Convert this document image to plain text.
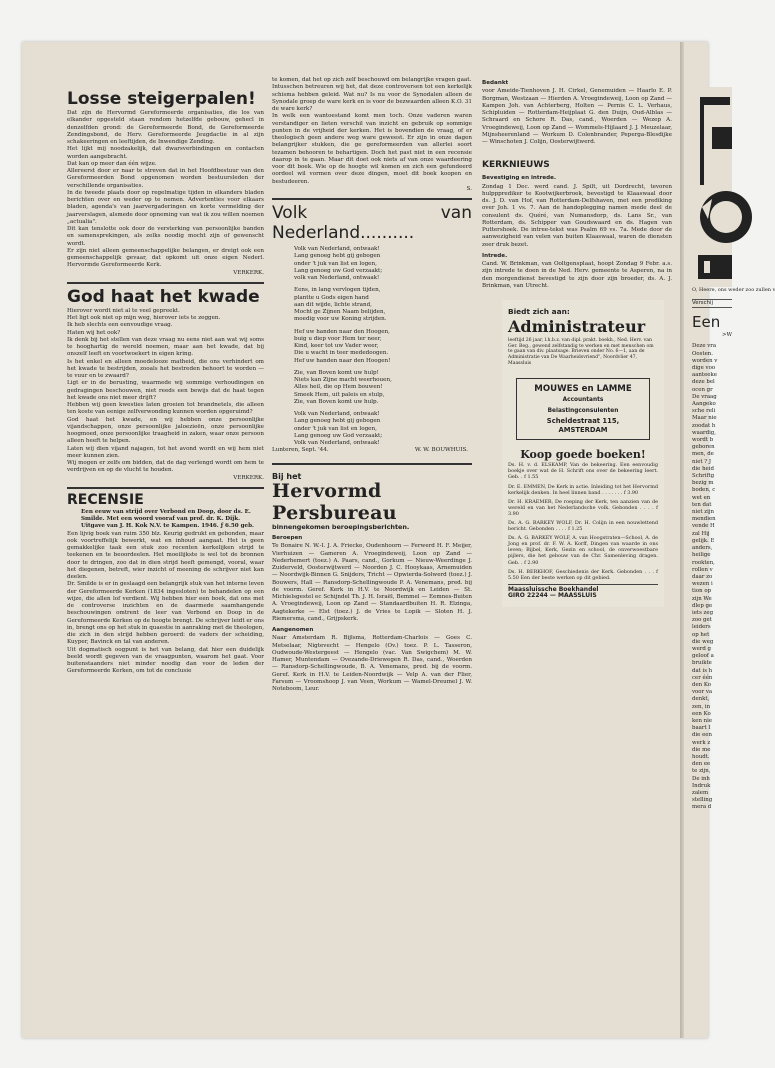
Losse steigerpalen!

Dat zijn de Hervormd Gereformeerde organisaties, die los van elkander opgesteld staan rondom hetzelfde gebouw, gehecl in denzelfden grond: de Gereformeerde Bond, de Gereformeerde Zendingsbond, de Herv. Gereformeerde Jeugdactie in al zijn schakeeringen en leeftijden, de Inwendige Zending.

Het lijkt mij noodzakelijk, dat dwarsverbindingen en contacten worden aangebracht.

Dat kan op meer dan één wijze.

Allereerst door er naar te streven dat in het Hoofdbestuur van den Gereformeerden Bond opgenomen worden bestuursleden der verschillende organisaties.

In de tweede plaats door op regelmatige tijden in elkanders bladen berichten over en weder op te nemen. Advertenties voor elkaars bladen, agenda's van jaarvergaderingen en korte vermelding der jaarverslagen, alsmede door opneming van wat ik zou willen noemen „actualia".

Dit kan tenslotte ook door de versterking van persoonlijke banden en samensprekingen, als zelks noodig mocht zijn of gewenscht wordt.

Er zijn niet alleen gemeenschappelijke belangen, er dreigt ook een gemeenschappelijk gevaar, dat opkomt uit onze eigen Nederl. Hervormde Gereformeerde Kerk.

VERKERK.

God haat het kwade

Hierover wordt niet al te veel gepreekt.

Het ligt ook niet op mijn weg, hierover iets te zeggen.

Ik heb slechts een eenvoudige vraag.

Haten wij het ook?

Ik denk bij het stellen van deze vraag nu eens niet aan wat wij soms te hooghartig de wereld noemen, maar aan het kwade, dat bij onszelf leeft en voortwoekert in eigen kring.

Is het enkel en alleen moedelooze matheid, die ons verhindert om het kwade te bestrijden, zooals het bestreden behoort te worden — te vuur en te zwaard?

Ligt er in de berusting, waarmede wij sommige verhoudingen en gedragingen beschouwen, niet reeds een bewijs dat de haat tegen het kwade ons niet meer drijft?

Hebben wij geen kwesties laten groeien tot brandnetels, die alleen ten koste van eenige zelfverwonding kunnen worden opgeruimd?

God haat het kwade, en wij hebben onze persoonlijke vijandschappen, onze persoonlijke jaloezieën, onze persoonlijke hoogmoed, onze persoonlijke traagheid in zaken, waar onze persoon alleen heeft te helpen.

Laten wij dien vijand najagen, tot het avond wordt en wij hem niet meer kunnen zien.

Wij mogen er zelfs om bidden, dat de dag verlengd wordt om hem te verdrijven en op de vlucht te houden.

VERKERK.

RECENSIE

Een eeuw van strijd over Verbond en Doop, door ds. E. Smilde. Met een woord vooraf van prof. dr. K. Dijk. Uitgave van J. H. Kok N.V. te Kampen. 1946. ƒ 6.50 geb.

Een lijvig boek van ruim 350 blz. Keurig gedrukt en gebonden, maar ook voortreffelijk bewerkt, wat en inhoud aangaat. Het is geen gemakkelijke taak een stuk zoo recenten kerkelijken strijd te teekenen en te beoordeelen. Het moeilijkste is wel tot de bronnen door te dringen, zoo dat in dien strijd heeft gemengd, vooral, waar het diegenen, betreft, wier inzicht of meening de schrijver niet kan deelen.

Dr. Smilde is er in geslaagd een belangrijk stuk van het interne leven der Gereformeerde Kerken (1834 ingesloten) te behandelen op een wijze, die allen lof verdient. Wij hebben hier een boek, dat ons met de controverse inzichten en de daarmede saamhangende beschouwingen omtrent de leer van Verbond en Doop in de Gereformeerde Kerken op de hoogte brengt. De schrijver leidt er ons in, brengt ons op het stuk in quaestie in aanraking met de theologen, die zich in den strijd hebben geroerd: de vaders der scheiding, Kuyper, Bavinck en tal van anderen.

Uit dogmatisch oogpunt is het van belang, dat hier een duidelijk beeld wordt gegeven van de vraagpunten, waarom het gaat. Voor buitenstaanders niet minder noodig dan voor de leden der Gereformeerde Kerken, om tot de conclusie

te komen, dat het op zich zelf beschouwd om belangrijke vragen gaat.

Intusschen betreuren wij het, dat deze controversen tot een kerkelijk schisma hebben geleid. Wat nu? Is nu voor de Synodalen alleen de Synodale groep de ware kerk en is voor de bezwaarden alleen K.O. 31 de ware kerk?

In welk een wantoestand komt men toch. Onze vaderen waren verstandiger en lieten verschil van inzicht en gebruik op sommige punten in de vrijheid der kerken. Het is bovendien de vraag, of er theologisch geen andere weg ware geweest. Er zijn in onze dagen belangrijker stukken, die ge gereformeerden van allerlei soort tezamen behooren te behartigen. Doch het past niet in een recensie daarop in te gaan. Maar dit doet ook niets af van onze waardeering voor dit boek. Wie op de hoogte wil komen en zich een gefundeerd oordeel wil vormen over deze dingen, moet dit boek koopen en bestudeeren.

S.

Volk van Nederland..........
Volk van Nederland, ontwaak!
Lang genoeg hebt gij gebogen
onder 't juk van list en logen,
Lang genoeg uw God verzaakt;
volk van Nederland, ontwaak!
Eens, in lang vervlogen tijden,
plantte u Gods eigen hand
aan dit wijde, lichte strand,
Mocht ge Zijnen Naam belijden,
moedig voor uw Koning strijden.
Hef uw handen naar den Hoogen,
buig u diep voor Hem ter neer,
Kind, keer tot uw Vader weer,
Die u wacht in teer mededoogen.
Hef uw handen naar den Hoogen!
Zie, van Boven komt uw hulp!
Niets kan Zijne macht weerhouen,
Alles heil, die op Hem bouwen!
Smeek Hem, uit paleis en stulp,
Zie, van Boven komt uw hulp.
Volk van Nederland, ontwaak!
Lang genoeg hebt gij gebogen
onder 't juk van list en logen,
Lang genoeg uw God verzaakt;
Volk van Nederland, ontwaak!
Lunteren, Sept. '44.	W. W. BOUWHUIS.
Bij het
Hervormd Persbureau
binnengekomen beroepingsberichten.

Beroepen

Te Bonaire N. W.-I. J. A. Friecke, Oudenhoorn — Ferwerd H. F. Meijer, Vierhuizen — Gameren A. Vroegindeweij, Loon op Zand — Nederhemert (toez.) A. Paars, cand., Gorkum — Nieuw-Weerdinge J. Zuiderveld, Oosterwijtwerd — Noorden J. C. Hooykaas, Arnemuiden — Noordwijk-Binnen G. Snijders, Tricht — Opwierda-Solwerd (toez.) J. Bouwers, Hall — Ransdorp-Schellingwoude P. A. Venemans, pred. bij de voorm. Geref. Kerk in H.V. te Noordwijk en Leiden — St. Michielsgestel ec Schijndel Th. J. H. Israël, Bemmel — Eemnes-Buiten A. Vroegindeweij, Loon op Zand — Standaardbuiten H. R. Elzinga, Aagtekerke — Elst (toez.) J. de Vries te Lopik — Sloten H. J. Riemersma, cand., Grijpskerk.

Aangenomen

Naar Amsterdam R. Bijlsma, Rotterdam-Charlois — Goes C. Metselaar, Nigtevecht — Hengelo (Ov.) toez. P. L. Tasseron, Oudwoude-Westergeest — Hengelo (vac. Van Swigchem) M. W. Hamer, Muntendam — Ovezande-Driewegen R. Das, cand., Woerden — Ransdorp-Schellingwoude, B. A. Venemans, pred. bij de voorm. Geref. Kerk in H.V. te Leiden-Noordwijk — Velp A. van der Flier, Farsum — Vroomshoop J. van Veen, Workum — Wamel-Dreumel J. W. Noteboom, Leur.

Bedankt

voor Ameide-Tienhoven J. H. Cirkel, Genemuiden — Haarlo E. P. Borgman, Westzaan — Hierden A. Vroegindeweij, Loon op Zand — Kampen Joh. van Achterberg, Holten — Pernis C. L. Verhaus, Schipluiden — Rotterdam-Heijplaat G. den Duijn, Oud-Alblas — Schraard en Schore R. Das, cand., Woerden — Wezep A. Vroegindeweij, Loon op Zand — Wommels-Hijlaard J. J. Meuzelaar, Mijnsheerenland — Workum D. Colenbrander, Peperga-Blesdijke — Winschoten J. Colijn, Oosterwijtwerd.

KERKNIEUWS

Bevestiging en intrede.

Zondag 1 Dec. werd cand. J. Spilt, uit Dordrecht, tevoren hulppprediker te Kootwijkerbroek, bevestigd te Klaaswaal door ds. J. D. van Hof, van Rotterdam-Delfshaven, met een prediking over Joh. 1 vs. 7. Aan de handoplegging namen mede deel de consulent ds. Quéré, van Numansdorp, ds. Lans Sr., van Rotterdam, ds. Schipper van Goudswaard en ds. Hagen van Puttershoek. De intree-tekst was Psalm 69 vs. 7a. Mede door de aanwezigheid van velen van buiten Klaaswaal, waren de diensten zeer druk bezet.

Intrede.

Cand. W. Brinkman, van Ooltgensplaat, hoopt Zondag 9 Febr. a.s. zijn intrede te doen in de Ned. Herv. gemeente te Asperen, na in den morgendienst bevestigd te zijn door zijn broeder, ds. A. J. Brinkman, van Utrecht.

Biedt zich aan:
Administrateur
leeftijd 26 jaar, l.h.b.z. van dipl. prakt. boekh., Ned. Herv. van Ger. Beg., gewend zelfstandig te werken en met menschen om te gaan van div. plaatsage. Brieven onder No. 6—1, aan de Administratie van De Waarheidsvriend", Noordvlier 47, Maassluis
MOUWES en LAMME
Accountants
Belastingconsulenten
Scheldestraat 115,
AMSTERDAM
Koop goede boeken!
Ds. H. v. d. ELSKAMP, Van de bekeering. Een eenvoudig boekje over wat de H. Schrift ons over de bekeering leert. Geb. . f 1.55
Dr. E. EMMEN, De Kerk in actie. Inleiding tot het Hervormd kerkelijk denken. In heel linnen band . . . . . . . f 3.90
Dr. H. KRAEMER, De roeping der Kerk, ten aanzien van de wereld en van het Nederlandsche volk. Gebonden . . . . f 3.90
Ds. A. G. BARKEY WOLF, Dr. H. Colijn in een nouwlettend bericht. Gebonden . . . . f 1.25
Ds. A. G. BARKEY WOLF, A. van Hoogstraten—School, A. de Jong en prof. dr. F. W. A. Korff, Dingen van waarde in ons leven; Bijbel, Kerk, Gezin en school, de onverwoestbare pijlers, die het gebouw van de Chr. Samenleving dragen. Geb. . f 2.90
Ds. H. BERKHOF, Geschiedenis der Kerk. Gebonden . . . f 5.50 Een der beste werken op dit gebied.
Maassluissche Boekhandel
GIRO 22244 — MAASSLUIS
O, Heere, ons weder zoo zullen v
Verschij
Een
>W
Deze vra
Oosten.
worden v
dige voo
aanteeke
deze bel
ocen gr
De vraag
Aangeko
sche reli
Maar nie
zoodat h
waardig,
wordt b
geboren
men, de
niet ? J
die heid
Schriftg
bezig m
boden, c
wet en
ten dat
niet zijn
mendien
vende H
zal Hij
gelijk. E
anders,
heilige
rookten,
rollen v
daar zo
wezen i
tion op
zijn We
dlep ge
iets zeg
zoo get
leiders
op het
die weg
werd g
geloof a
bruikte
dat is h
cer één
den Ko
voor va
denkt,
zen, in
een Ko
ken nie
baart I
die een
werk z
die me
houdt.
den ee
te zijn,
De inh
Indruk
zalem
stelling
mera d
